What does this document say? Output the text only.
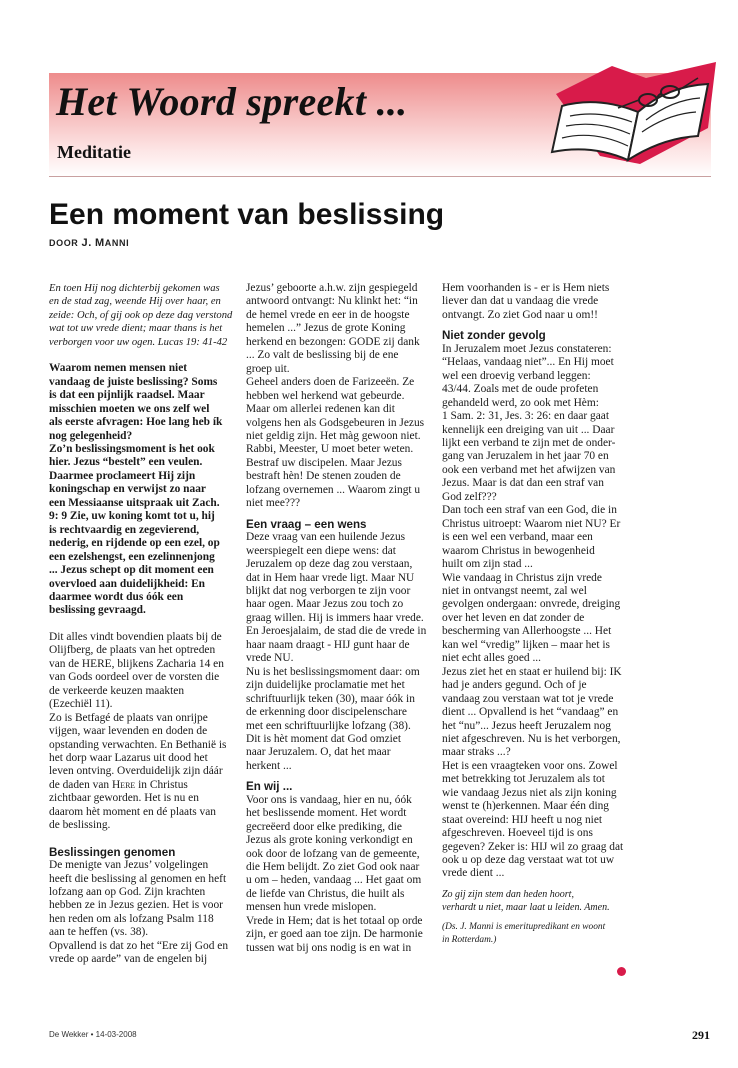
Het Woord spreekt ...
Meditatie
Een moment van beslissing
DOOR J. MANNI

En toen Hij nog dichterbij gekomen was

en de stad zag, weende Hij over haar, en

zeide: Och, of gij ook op deze dag verstond

wat tot uw vrede dient; maar thans is het

verborgen voor uw ogen. Lucas 19: 41-42

Waarom nemen mensen niet

vandaag de juiste beslissing? Soms

is dat een pijnlijk raadsel. Maar

misschien moeten we ons zelf wel

als eerste afvragen: Hoe lang heb ík

nog gelegenheid?

Zo’n beslissingsmoment is het ook

hier. Jezus “bestelt” een veulen.

Daarmee proclameert Hij zijn

koningschap en verwijst zo naar

een Messiaanse uitspraak uit Zach.

9: 9 Zie, uw koning komt tot u, hij

is rechtvaardig en zegevierend,

nederig, en rijdende op een ezel, op

een ezelshengst, een ezelinnenjong

... Jezus schept op dit moment een

overvloed aan duidelijkheid: En

daarmee wordt dus óók een

beslissing gevraagd.

Dit alles vindt bovendien plaats bij de

Olijfberg, de plaats van het optreden

van de HERE, blijkens Zacharia 14 en

van Gods oordeel over de vorsten die

de verkeerde keuzen maakten

(Ezechiël 11).

Zo is Betfagé de plaats van onrijpe

vijgen, waar levenden en doden de

opstanding verwachten. En Bethanië is

het dorp waar Lazarus uit dood het

leven ontving. Overduidelijk zijn dáár

de daden van Here in Christus

zichtbaar geworden. Het is nu en

daarom hèt moment en dé plaats van

de beslissing.

Beslissingen genomen

De menigte van Jezus’ volgelingen

heeft die beslissing al genomen en heft

lofzang aan op God. Zijn krachten

hebben ze in Jezus gezien. Het is voor

hen reden om als lofzang Psalm 118

aan te heffen (vs. 38).

Opvallend is dat zo het “Ere zij God en

vrede op aarde” van de engelen bij

Jezus’ geboorte a.h.w. zijn gespiegeld

antwoord ontvangt: Nu klinkt het: “in

de hemel vrede en eer in de hoogste

hemelen ...” Jezus de grote Koning

herkend en bezongen: GODE zij dank

... Zo valt de beslissing bij de ene

groep uit.

Geheel anders doen de Farizeeën. Ze

hebben wel herkend wat gebeurde.

Maar om allerlei redenen kan dit

volgens hen als Godsgebeuren in Jezus

niet geldig zijn. Het màg gewoon niet.

Rabbi, Meester, U moet beter weten.

Bestraf uw discipelen. Maar Jezus

bestraft hèn! De stenen zouden de

lofzang overnemen ... Waarom zingt u

niet mee???

Een vraag – een wens

Deze vraag van een huilende Jezus

weerspiegelt een diepe wens: dat

Jeruzalem op deze dag zou verstaan,

dat in Hem haar vrede ligt. Maar NU

blijkt dat nog verborgen te zijn voor

haar ogen. Maar Jezus zou toch zo

graag willen. Hij is immers haar vrede.

En Jeroesjalaim, de stad die de vrede in

haar naam draagt - HIJ gunt haar de

vrede NU.

Nu is het beslissingsmoment daar: om

zijn duidelijke proclamatie met het

schriftuurlijk teken (30), maar óók in

de erkenning door discipelenschare

met een schriftuurlijke lofzang (38).

Dit is hèt moment dat God omziet

naar Jeruzalem. O, dat het maar

herkent ...

En wij ...

Voor ons is vandaag, hier en nu, óók

het beslissende moment. Het wordt

gecreëerd door elke prediking, die

Jezus als grote koning verkondigt en

ook door de lofzang van de gemeente,

die Hem belijdt. Zo ziet God ook naar

u om – heden, vandaag ... Het gaat om

de liefde van Christus, die huilt als

mensen hun vrede mislopen.

Vrede in Hem; dat is het totaal op orde

zijn, er goed aan toe zijn. De harmonie

tussen wat bij ons nodig is en wat in

Hem voorhanden is - er is Hem niets

liever dan dat u vandaag die vrede

ontvangt. Zo ziet God naar u om!!

Niet zonder gevolg

In Jeruzalem moet Jezus constateren:

“Helaas, vandaag niet”... En Hij moet

wel een droevig verband leggen:

43/44. Zoals met de oude profeten

gehandeld werd, zo ook met Hèm:

1 Sam. 2: 31, Jes. 3: 26: en daar gaat

kennelijk een dreiging van uit ... Daar

lijkt een verband te zijn met de onder-

gang van Jeruzalem in het jaar 70 en

ook een verband met het afwijzen van

Jezus. Maar is dat dan een straf van

God zelf???

Dan toch een straf van een God, die in

Christus uitroept: Waarom niet NU? Er

is een wel een verband, maar een

waarom Christus in bewogenheid

huilt om zijn stad ...

Wie vandaag in Christus zijn vrede

niet in ontvangst neemt, zal wel

gevolgen ondergaan: onvrede, dreiging

over het leven en dat zonder de

bescherming van Allerhoogste ... Het

kan wel “vredig” lijken – maar het is

niet echt alles goed ...

Jezus ziet het en staat er huilend bij: IK

had je anders gegund. Och of je

vandaag zou verstaan wat tot je vrede

dient ... Opvallend is het “vandaag” en

het “nu”... Jezus heeft Jeruzalem nog

niet afgeschreven. Nu is het verborgen,

maar straks ...?

Het is een vraagteken voor ons. Zowel

met betrekking tot Jeruzalem als tot

wie vandaag Jezus niet als zijn koning

wenst te (h)erkennen. Maar één ding

staat overeind: HIJ heeft u nog niet

afgeschreven. Hoeveel tijd is ons

gegeven? Zeker is: HIJ wil zo graag dat

ook u op deze dag verstaat wat tot uw

vrede dient ...

Zo gij zijn stem dan heden hoort,

verhardt u niet, maar laat u leiden. Amen.

(Ds. J. Manni is emeritupredikant en woont

in Rotterdam.)

De Wekker • 14-03-2008	291
